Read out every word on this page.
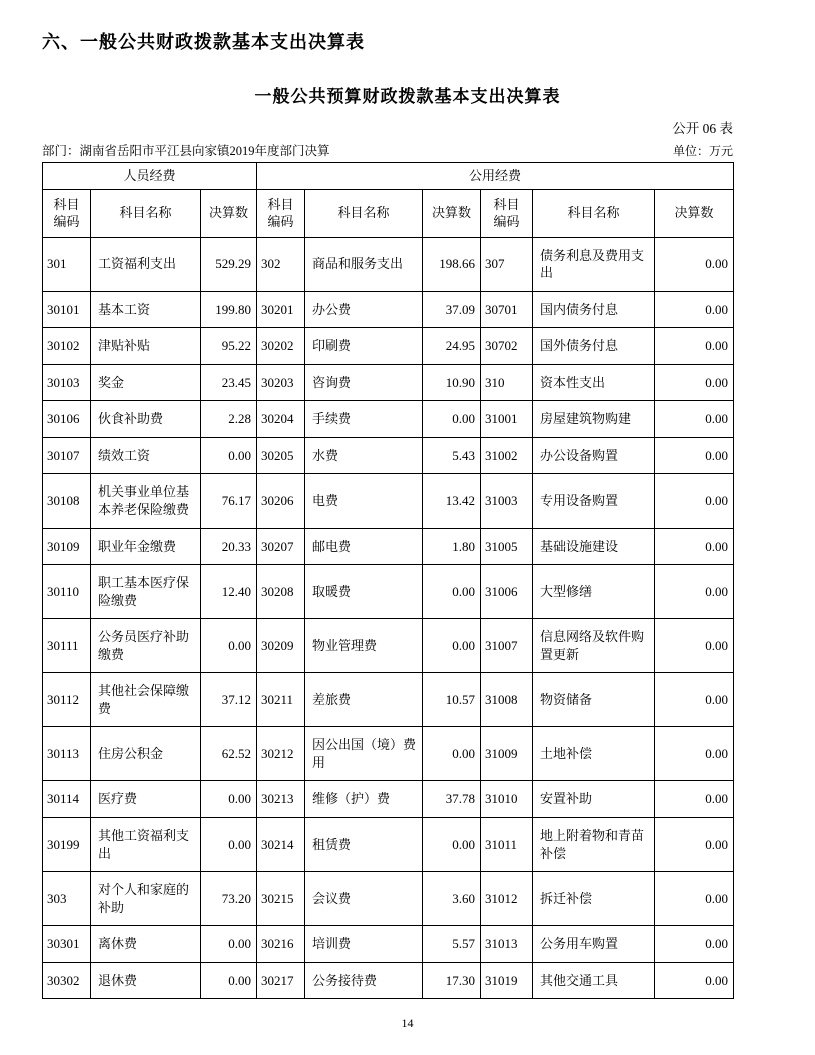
六、一般公共财政拨款基本支出决算表
一般公共预算财政拨款基本支出决算表
公开 06 表
部门：湖南省岳阳市平江县向家镇2019年度部门决算	单位：万元
人员经费			公用经费					
科目编码	科目名称	决算数	科目编码	科目名称	决算数	科目编码	科目名称	决算数
301	工资福利支出	529.29	302	商品和服务支出	198.66	307	债务利息及费用支出	0.00
30101	基本工资	199.80	30201	办公费	37.09	30701	国内债务付息	0.00
30102	津贴补贴	95.22	30202	印刷费	24.95	30702	国外债务付息	0.00
30103	奖金	23.45	30203	咨询费	10.90	310	资本性支出	0.00
30106	伙食补助费	2.28	30204	手续费	0.00	31001	房屋建筑物购建	0.00
30107	绩效工资	0.00	30205	水费	5.43	31002	办公设备购置	0.00
30108	机关事业单位基本养老保险缴费	76.17	30206	电费	13.42	31003	专用设备购置	0.00
30109	职业年金缴费	20.33	30207	邮电费	1.80	31005	基础设施建设	0.00
30110	职工基本医疗保险缴费	12.40	30208	取暖费	0.00	31006	大型修缮	0.00
30111	公务员医疗补助缴费	0.00	30209	物业管理费	0.00	31007	信息网络及软件购置更新	0.00
30112	其他社会保障缴费	37.12	30211	差旅费	10.57	31008	物资储备	0.00
30113	住房公积金	62.52	30212	因公出国（境）费用	0.00	31009	土地补偿	0.00
30114	医疗费	0.00	30213	维修（护）费	37.78	31010	安置补助	0.00
30199	其他工资福利支出	0.00	30214	租赁费	0.00	31011	地上附着物和青苗补偿	0.00
303	对个人和家庭的补助	73.20	30215	会议费	3.60	31012	拆迁补偿	0.00
30301	离休费	0.00	30216	培训费	5.57	31013	公务用车购置	0.00
30302	退休费	0.00	30217	公务接待费	17.30	31019	其他交通工具	0.00
14
